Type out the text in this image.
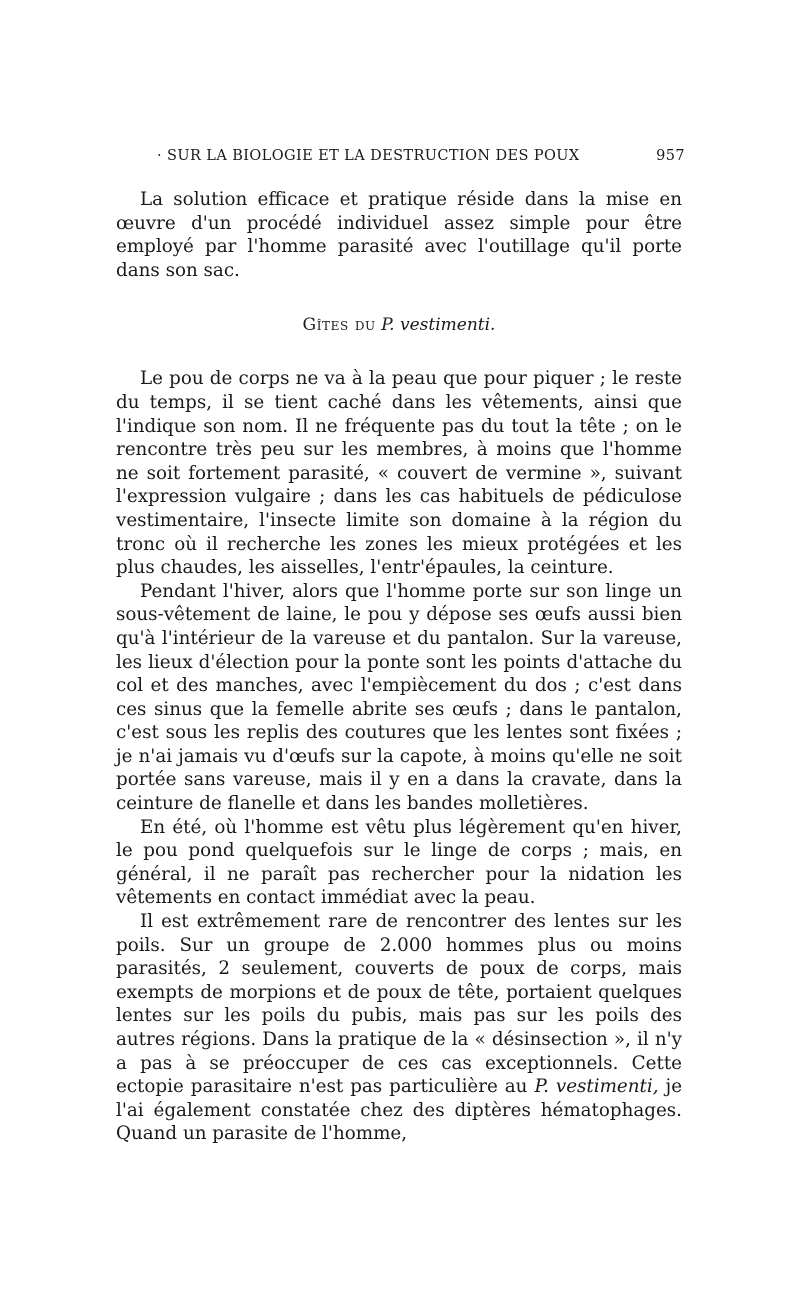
· SUR LA BIOLOGIE ET LA DESTRUCTION DES POUX	957

La solution efficace et pratique réside dans la mise en œuvre d'un procédé individuel assez simple pour être employé par l'homme parasité avec l'outillage qu'il porte dans son sac.

Gîtes du P. vestimenti.

Le pou de corps ne va à la peau que pour piquer ; le reste du temps, il se tient caché dans les vêtements, ainsi que l'indique son nom. Il ne fréquente pas du tout la tête ; on le rencontre très peu sur les membres, à moins que l'homme ne soit fortement parasité, « couvert de vermine », suivant l'expression vulgaire ; dans les cas habituels de pédiculose vestimentaire, l'insecte limite son domaine à la région du tronc où il recherche les zones les mieux protégées et les plus chaudes, les aisselles, l'entr'épaules, la ceinture.

Pendant l'hiver, alors que l'homme porte sur son linge un sous-vêtement de laine, le pou y dépose ses œufs aussi bien qu'à l'intérieur de la vareuse et du pantalon. Sur la vareuse, les lieux d'élection pour la ponte sont les points d'attache du col et des manches, avec l'empiècement du dos ; c'est dans ces sinus que la femelle abrite ses œufs ; dans le pantalon, c'est sous les replis des coutures que les lentes sont fixées ; je n'ai jamais vu d'œufs sur la capote, à moins qu'elle ne soit portée sans vareuse, mais il y en a dans la cravate, dans la ceinture de flanelle et dans les bandes molletières.

En été, où l'homme est vêtu plus légèrement qu'en hiver, le pou pond quelquefois sur le linge de corps ; mais, en général, il ne paraît pas rechercher pour la nidation les vêtements en contact immédiat avec la peau.

Il est extrêmement rare de rencontrer des lentes sur les poils. Sur un groupe de 2.000 hommes plus ou moins parasités, 2 seulement, couverts de poux de corps, mais exempts de morpions et de poux de tête, portaient quelques lentes sur les poils du pubis, mais pas sur les poils des autres régions. Dans la pratique de la « désinsection », il n'y a pas à se préoccuper de ces cas exceptionnels. Cette ectopie parasitaire n'est pas particulière au P. vestimenti, je l'ai également constatée chez des diptères hématophages. Quand un parasite de l'homme,
